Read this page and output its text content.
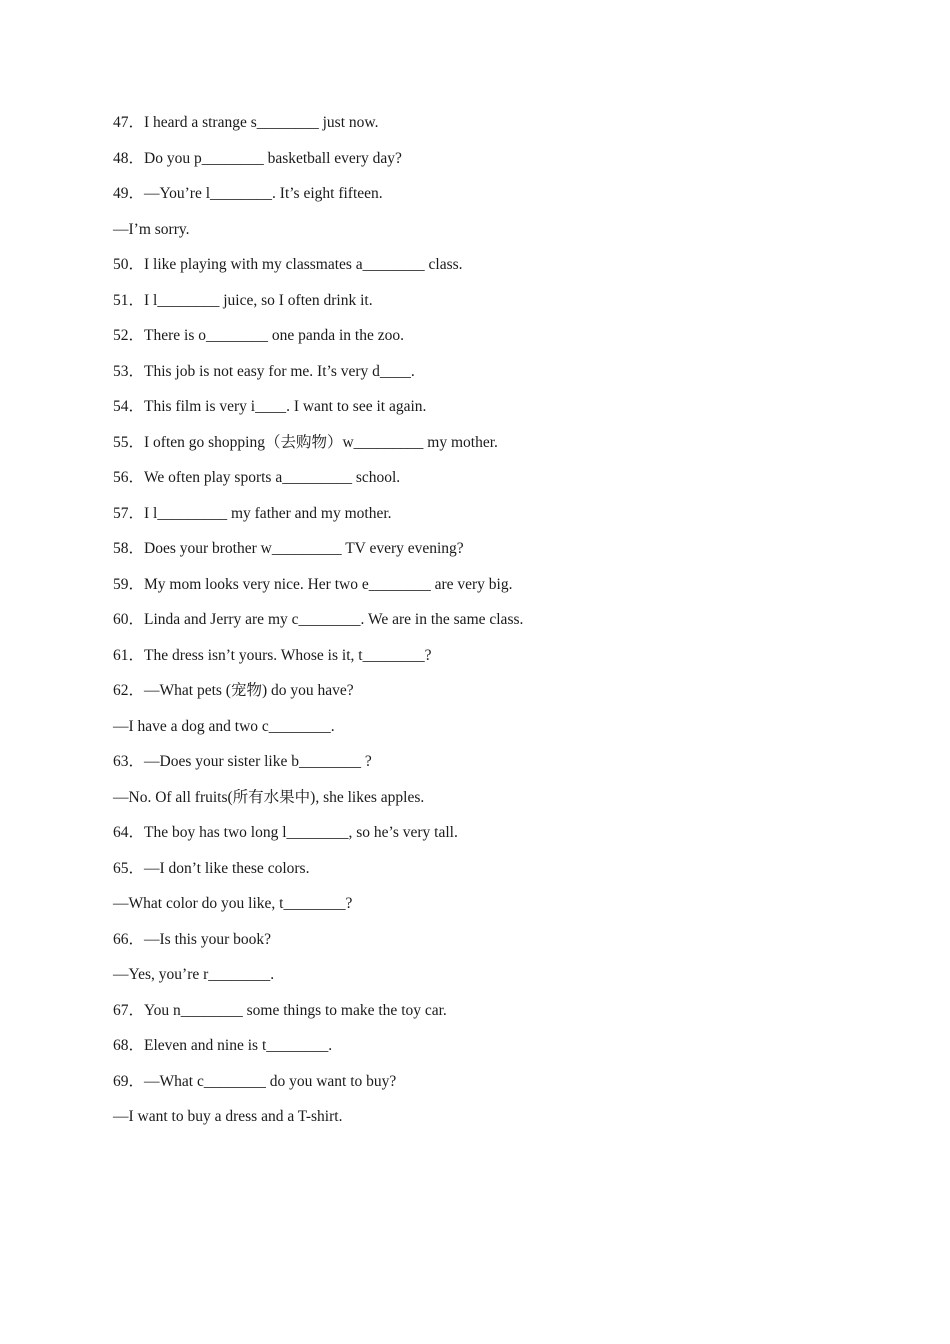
47．I heard a strange s________ just now.
48．Do you p________ basketball every day?
49．—You’re l________. It’s eight fifteen.
—I’m sorry.
50．I like playing with my classmates a________ class.
51．I l________ juice, so I often drink it.
52．There is o________ one panda in the zoo.
53．This job is not easy for me. It’s very d____.
54．This film is very i____. I want to see it again.
55．I often go shopping（去购物）w_________ my mother.
56．We often play sports a_________ school.
57．I l_________ my father and my mother.
58．Does your brother w_________ TV every evening?
59．My mom looks very nice. Her two e________ are very big.
60．Linda and Jerry are my c________. We are in the same class.
61．The dress isn’t yours. Whose is it, t________?
62．—What pets (宠物) do you have?
—I have a dog and two c________.
63．—Does your sister like b________ ?
—No. Of all fruits(所有水果中), she likes apples.
64．The boy has two long l________, so he’s very tall.
65．—I don’t like these colors.
—What color do you like, t________?
66．—Is this your book?
—Yes, you’re r________.
67．You n________ some things to make the toy car.
68．Eleven and nine is t________.
69．—What c________ do you want to buy?
—I want to buy a dress and a T-shirt.
